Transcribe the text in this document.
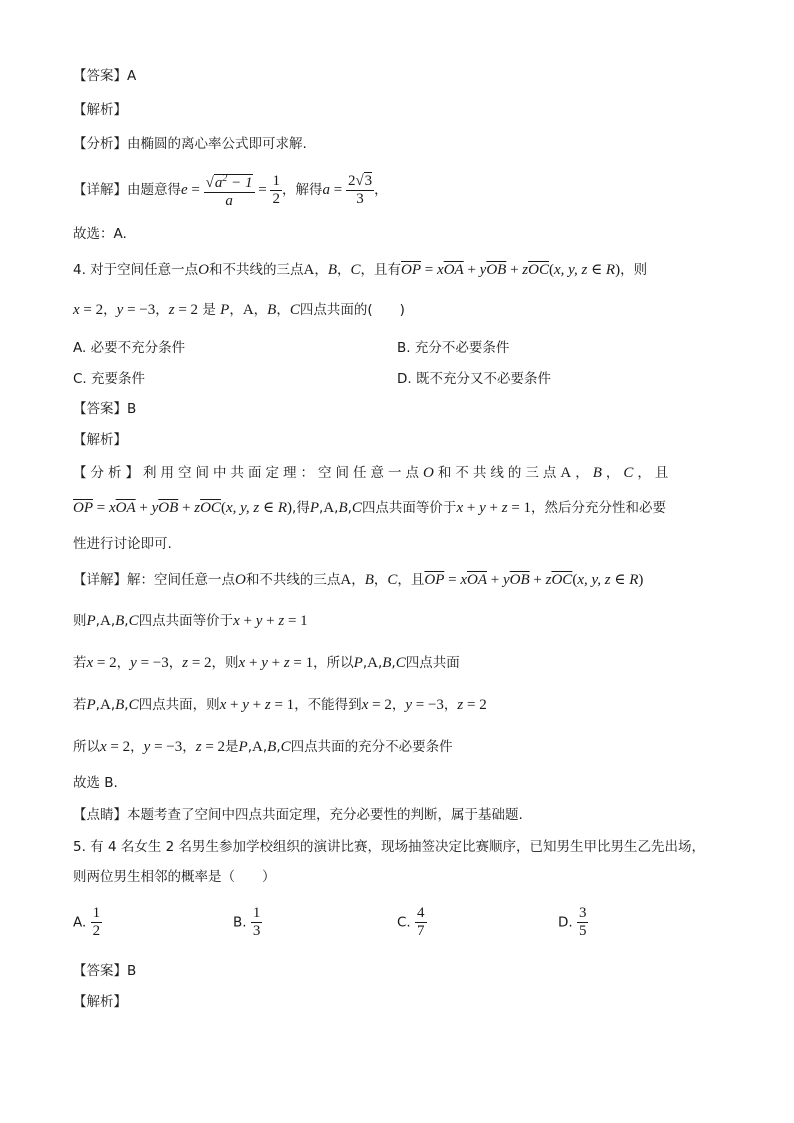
【答案】A
【解析】
【分析】由椭圆的离心率公式即可求解.
【详解】由题意得$e = \frac{√a^2 - 1}{a} = \frac{1}{2}$ ，解得$a = \frac{2√3}{3}$ ，
故选：A.
4. 对于空间任意一点O和不共线的三点A，B，C，且有$\overline{OP} = x\overline{OA} + y\overline{OB} + z\overline{OC}(x$, y, z ∈ R)，则
x = 2，y = −3，z = 2 是 P，A，B，C四点共面的(　　)
A. 必要不充分条件	B. 充分不必要条件
C. 充要条件	D. 既不充分又不必要条件
【答案】B
【解析】
【分析】利用空间中共面定理：空间任意一点O和不共线的三点A，B，C，且
$\overline{OP} = x\overline{OA} + y\overline{OB} + z\overline{OC}(x$, y, z ∈ R),得P,A,B,C四点共面等价于x + y + z = 1，然后分充分性和必要
性进行讨论即可.
【详解】解：空间任意一点O和不共线的三点A，B，C，且$\overline{OP} = x\overline{OA} + y\overline{OB} + z\overline{OC}(x$, y, z ∈ R)
则P,A,B,C四点共面等价于x + y + z = 1
若x = 2，y = −3，z = 2，则x + y + z = 1，所以P,A,B,C四点共面
若P,A,B,C四点共面，则x + y + z = 1，不能得到x = 2，y = −3，z = 2
所以x = 2，y = −3，z = 2是P,A,B,C四点共面的充分不必要条件
故选 B.
【点睛】本题考查了空间中四点共面定理，充分必要性的判断，属于基础题.
5. 有 4 名女生 2 名男生参加学校组织的演讲比赛，现场抽签决定比赛顺序，已知男生甲比男生乙先出场，
则两位男生相邻的概率是（　　）
A. $\frac{1}{2}$	B. $\frac{1}{3}$	C. $\frac{4}{7}$	D. $\frac{3}{5}$
【答案】B
【解析】
